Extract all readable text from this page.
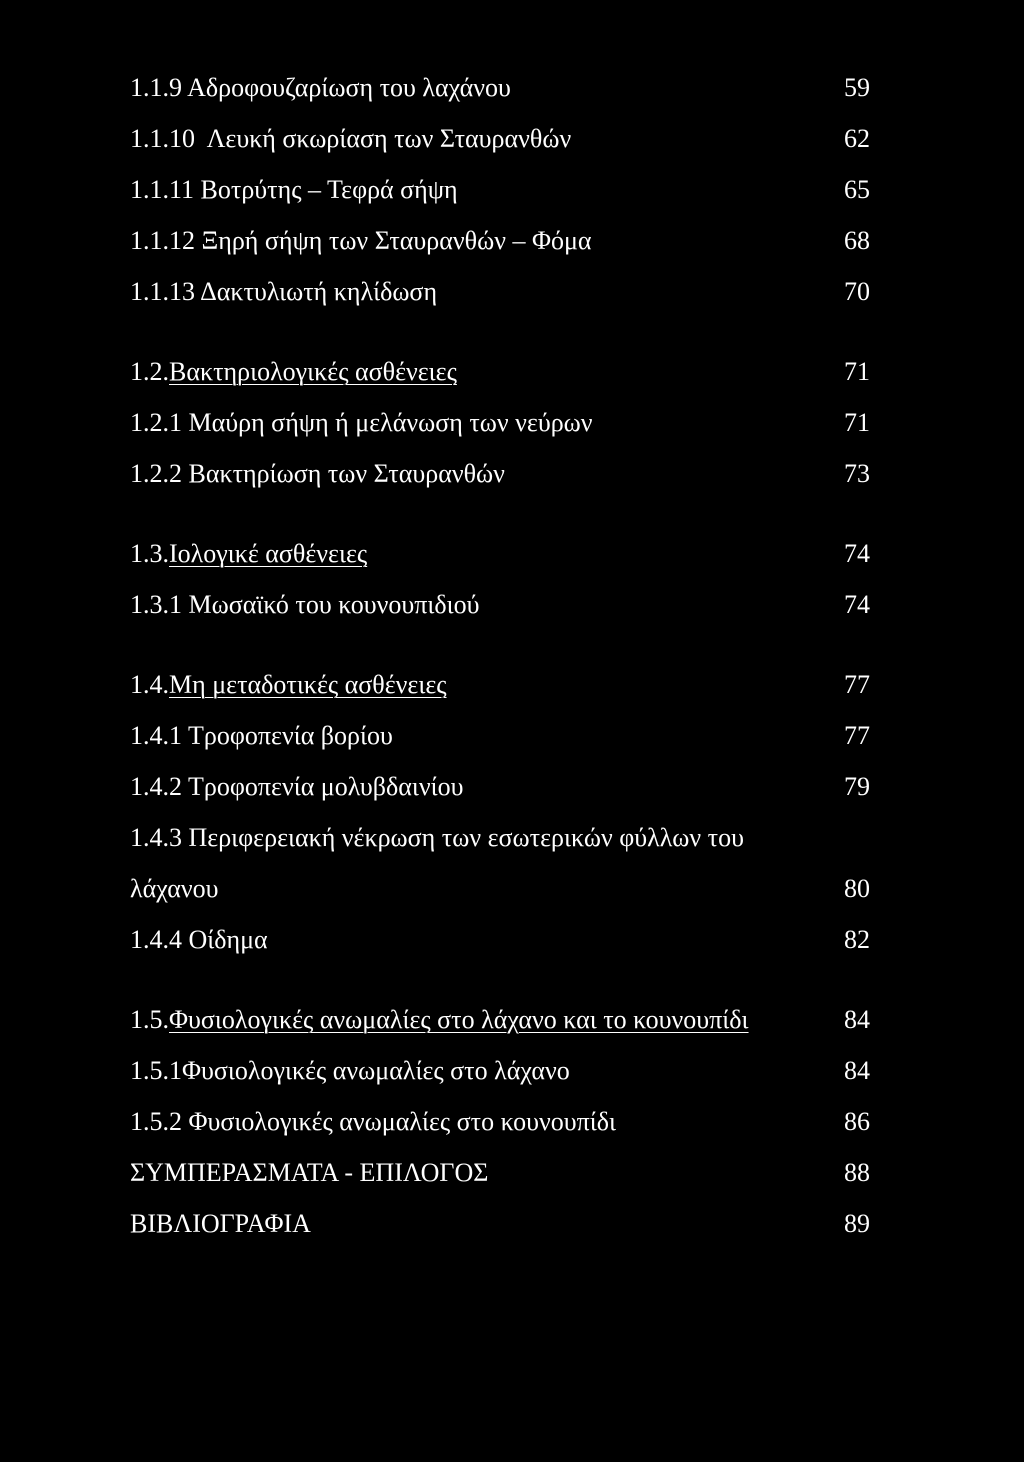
1.1.9 Αδροφουζαρίωση του λαχάνου	59
1.1.10  Λευκή σκωρίαση των Σταυρανθών	62
1.1.11 Βοτρύτης – Τεφρά σήψη	65
1.1.12 Ξηρή σήψη των Σταυρανθών – Φόμα	68
1.1.13 Δακτυλιωτή κηλίδωση	70
1.2.Βακτηριολογικές ασθένειες	71
1.2.1 Μαύρη σήψη ή μελάνωση των νεύρων	71
1.2.2 Βακτηρίωση των Σταυρανθών	73
1.3.Ιολογικέ ασθένειες	74
1.3.1 Μωσαϊκό του κουνουπιδιού	74
1.4.Μη μεταδοτικές ασθένειες	77
1.4.1 Τροφοπενία βορίου	77
1.4.2 Τροφοπενία μολυβδαινίου	79
1.4.3 Περιφερειακή νέκρωση των εσωτερικών φύλλων του
λάχανου	80
1.4.4 Οίδημα	82
1.5.Φυσιολογικές ανωμαλίες στο λάχανο και το κουνουπίδι	84
1.5.1Φυσιολογικές ανωμαλίες στο λάχανο	84
1.5.2 Φυσιολογικές ανωμαλίες στο κουνουπίδι	86
ΣΥΜΠΕΡΑΣΜΑΤΑ - ΕΠΙΛΟΓΟΣ	88
ΒΙΒΛΙΟΓΡΑΦΙΑ	89
